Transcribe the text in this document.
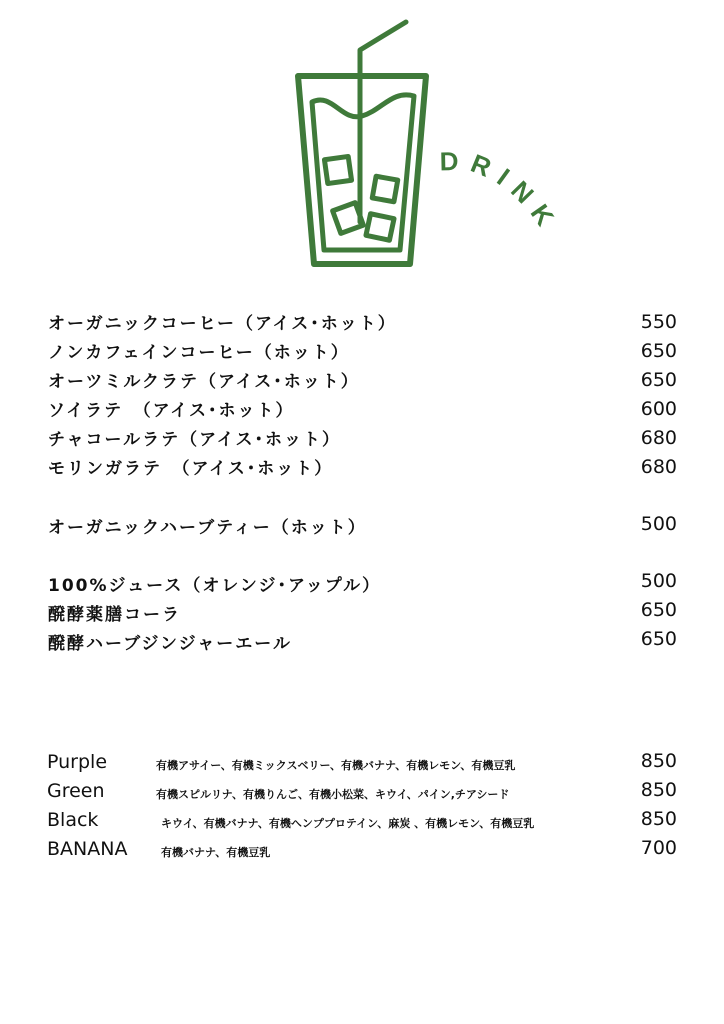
DRINK
オーガニックコーヒー（アイス･ホット）	550
ノンカフェインコーヒー（ホット）	650
オーツミルクラテ（アイス･ホット）	650
ソイラテ　（アイス･ホット）	600
チャコールラテ（アイス･ホット）	680
モリンガラテ　（アイス･ホット）	680
オーガニックハーブティー（ホット）	500
100%ジュース（オレンジ･アップル）	500
醗酵薬膳コーラ	650
醗酵ハーブジンジャーエール	650
Purple	有機アサイー、有機ミックスベリー、有機バナナ、有機レモン、有機豆乳	850
Green	有機スピルリナ、有機りんご、有機小松菜、キウイ、パイン,チアシード	850
Black	キウイ、有機バナナ、有機ヘンププロテイン、麻炭 、有機レモン、有機豆乳	850
BANANA	有機バナナ、有機豆乳	700
